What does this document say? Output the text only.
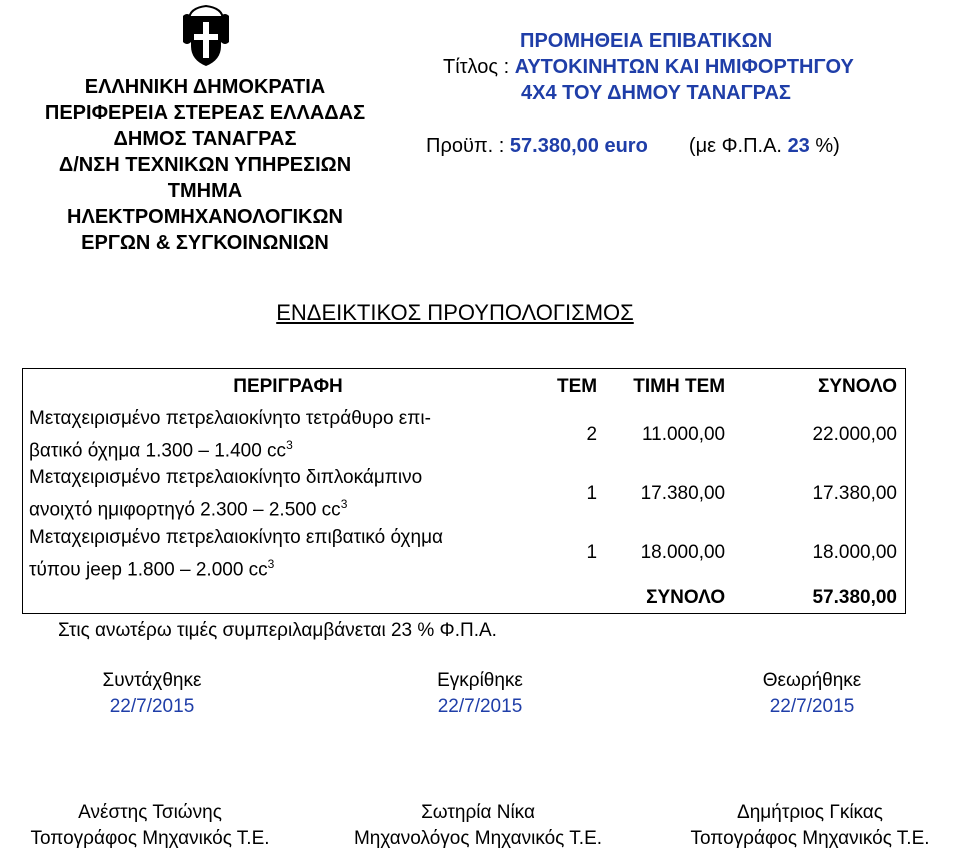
ΕΛΛΗΝΙΚΗ ΔΗΜΟΚΡΑΤΙΑ
ΠΕΡΙΦΕΡΕΙΑ ΣΤΕΡΕΑΣ ΕΛΛΑΔΑΣ
ΔΗΜΟΣ ΤΑΝΑΓΡΑΣ
Δ/ΝΣΗ ΤΕΧΝΙΚΩΝ ΥΠΗΡΕΣΙΩΝ
ΤΜΗΜΑ
ΗΛΕΚΤΡΟΜΗΧΑΝΟΛΟΓΙΚΩΝ
ΕΡΓΩΝ & ΣΥΓΚΟΙΝΩΝΙΩΝ
ΠΡΟΜΗΘΕΙΑ ΕΠΙΒΑΤΙΚΩΝ
Τίτλος : ΑΥΤΟΚΙΝΗΤΩΝ ΚΑΙ ΗΜΙΦΟΡΤΗΓΟΥ
4Χ4 ΤΟΥ ΔΗΜΟΥ ΤΑΝΑΓΡΑΣ
Προϋπ. : 57.380,00 euro (με Φ.Π.Α. 23 %)
ΕΝΔΕΙΚΤΙΚΟΣ ΠΡΟΥΠΟΛΟΓΙΣΜΟΣ
ΠΕΡΙΓΡΑΦΗ	ΤΕΜ	ΤΙΜΗ ΤΕΜ	ΣΥΝΟΛΟ

Μεταχειρισμένο πετρελαιοκίνητο τετράθυρο επι-
βατικό όχημα 1.300 – 1.400 $cc^3$	2	11.000,00	22.000,00

Μεταχειρισμένο πετρελαιοκίνητο διπλοκάμπινο
ανοιχτό ημιφορτηγό 2.300 – 2.500 $cc^3$	1	17.380,00	17.380,00

Μεταχειρισμένο πετρελαιοκίνητο επιβατικό όχημα
τύπου jeep 1.800 – 2.000 $cc^3$	1	18.000,00	18.000,00
	ΣΥΝΟΛΟ		57.380,00
Στις ανωτέρω τιμές συμπεριλαμβάνεται 23 % Φ.Π.Α.
Συντάχθηκε
22/7/2015
Εγκρίθηκε
22/7/2015
Θεωρήθηκε
22/7/2015
Ανέστης Τσιώνης
Τοπογράφος Μηχανικός Τ.Ε.
Σωτηρία Νίκα
Μηχανολόγος Μηχανικός Τ.Ε.
Δημήτριος Γκίκας
Τοπογράφος Μηχανικός Τ.Ε.
